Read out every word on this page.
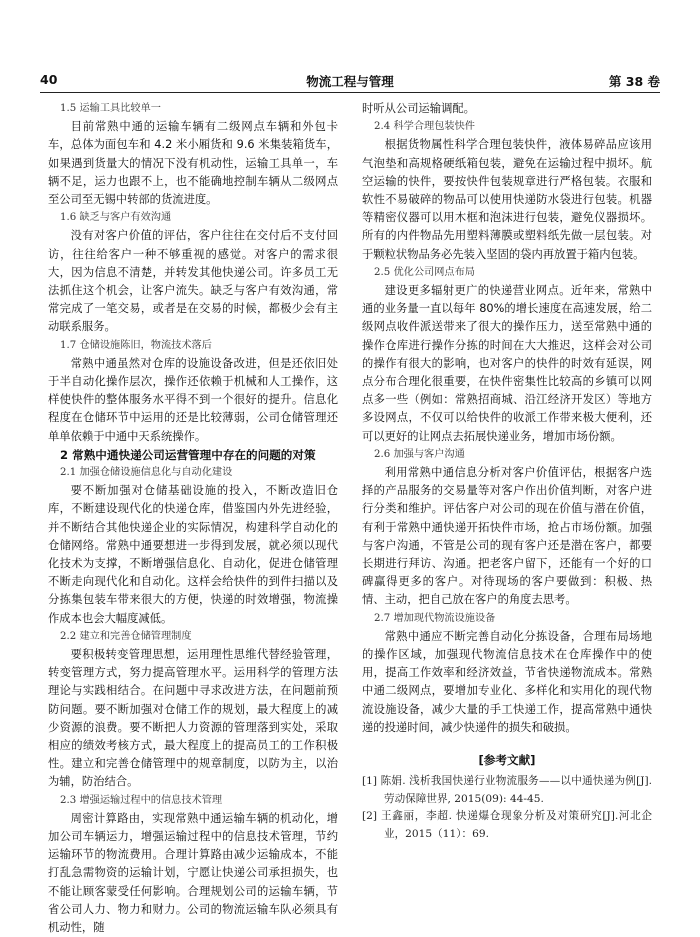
40	物流工程与管理	第 38 卷
1.5 运输工具比较单一

目前常熟中通的运输车辆有二级网点车辆和外包卡车，总体为面包车和 4.2 米小厢货和 9.6 米集装箱货车，如果遇到货量大的情况下没有机动性，运输工具单一，车辆不足，运力也跟不上，也不能确地控制车辆从二级网点至公司至无锡中转部的货流进度。

1.6 缺乏与客户有效沟通

没有对客户价值的评估，客户往往在交付后不支付回访，往往给客户一种不够重视的感觉。对客户的需求很大，因为信息不清楚，并转发其他快递公司。许多员工无法抓住这个机会，让客户流失。缺乏与客户有效沟通，常常完成了一笔交易，或者是在交易的时候，都极少会有主动联系服务。

1.7 仓储设施陈旧，物流技术落后

常熟中通虽然对仓库的设施设备改进，但是还依旧处于半自动化操作层次，操作还依赖于机械和人工操作，这样使快件的整体服务水平得不到一个很好的提升。信息化程度在仓储环节中运用的还是比较薄弱，公司仓储管理还单单依赖于中通中天系统操作。

2 常熟中通快递公司运营管理中存在的问题的对策
2.1 加强仓储设施信息化与自动化建设

要不断加强对仓储基础设施的投入，不断改造旧仓库，不断建设现代化的快递仓库，借鉴国内外先进经验，并不断结合其他快递企业的实际情况，构建科学自动化的仓储网络。常熟中通要想进一步得到发展，就必须以现代化技术为支撑，不断增强信息化、自动化，促进仓储管理不断走向现代化和自动化。这样会给快件的到件扫描以及分拣集包装车带来很大的方便，快递的时效增强，物流操作成本也会大幅度减低。

2.2 建立和完善仓储管理制度

要积极转变管理思想，运用理性思维代替经验管理，转变管理方式，努力提高管理水平。运用科学的管理方法理论与实践相结合。在问题中寻求改进方法，在问题前预防问题。要不断加强对仓储工作的规划，最大程度上的减少资源的浪费。要不断把人力资源的管理落到实处，采取相应的绩效考核方式，最大程度上的提高员工的工作积极性。建立和完善仓储管理中的规章制度，以防为主，以治为辅，防治结合。

2.3 增强运输过程中的信息技术管理

周密计算路由，实现常熟中通运输车辆的机动化，增加公司车辆运力，增强运输过程中的信息技术管理，节约运输环节的物流费用。合理计算路由减少运输成本，不能打乱急需物资的运输计划，宁愿让快递公司承担损失，也不能让顾客蒙受任何影响。合理规划公司的运输车辆，节省公司人力、物力和财力。公司的物流运输车队必须具有机动性，随

时听从公司运输调配。

2.4 科学合理包装快件

根据货物属性科学合理包装快件，液体易碎品应该用气泡垫和高规格硬纸箱包装，避免在运输过程中损坏。航空运输的快件，要按快件包装规章进行严格包装。衣服和软性不易破碎的物品可以使用快递防水袋进行包装。机器等精密仪器可以用木框和泡沫进行包装，避免仪器损坏。所有的内件物品先用塑料薄膜或塑料纸先做一层包装。对于颗粒状物品务必先装入坚固的袋内再放置于箱内包装。

2.5 优化公司网点布局

建设更多辐射更广的快递营业网点。近年来，常熟中通的业务量一直以每年 80%的增长速度在高速发展，给二级网点收件派送带来了很大的操作压力，送至常熟中通的操作仓库进行操作分拣的时间在大大推迟，这样会对公司的操作有很大的影响，也对客户的快件的时效有延误，网点分布合理化很重要，在快件密集性比较高的乡镇可以网点多一些（例如：常熟招商城、沿江经济开发区）等地方多设网点，不仅可以给快件的收派工作带来极大便利，还可以更好的让网点去拓展快递业务，增加市场份额。

2.6 加强与客户沟通

利用常熟中通信息分析对客户价值评估，根据客户选择的产品服务的交易量等对客户作出价值判断，对客户进行分类和维护。评估客户对公司的现在价值与潜在价值，有利于常熟中通快递开拓快件市场，抢占市场份额。加强与客户沟通，不管是公司的现有客户还是潜在客户，都要长期进行拜访、沟通。把老客户留下，还能有一个好的口碑赢得更多的客户。对待现场的客户要做到：积极、热情、主动，把自己放在客户的角度去思考。

2.7 增加现代物流设施设备

常熟中通应不断完善自动化分拣设备，合理布局场地的操作区域，加强现代物流信息技术在仓库操作中的使用，提高工作效率和经济效益，节省快递物流成本。常熟中通二级网点，要增加专业化、多样化和实用化的现代物流设施设备，减少大量的手工快递工作，提高常熟中通快递的投递时间，减少快递件的损失和破损。

[参考文献]

[1] 陈娟. 浅析我国快递行业物流服务——以中通快递为例[J]. 劳动保障世界, 2015(09): 44-45.

[2] 王鑫丽，李超. 快递爆仓现象分析及对策研究[J].河北企业，2015（11）：69.
